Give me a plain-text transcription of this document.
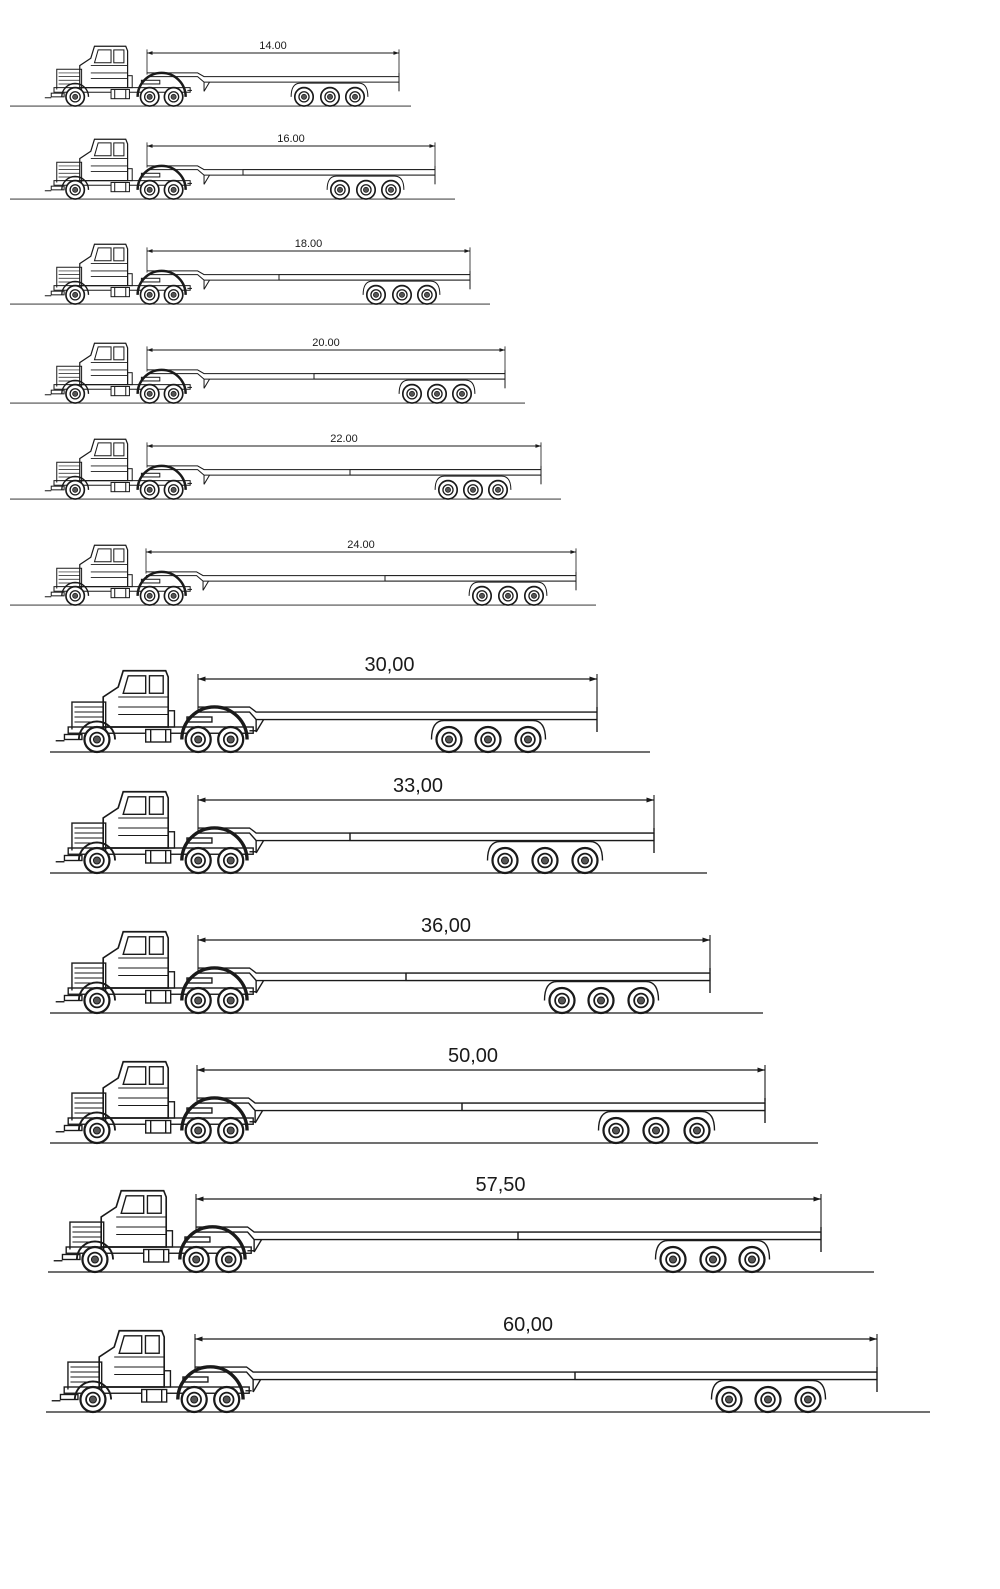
14.00
16.00
18.00
20.00
22.00
24.00
30,00
33,00
36,00
50,00
57,50
60,00
